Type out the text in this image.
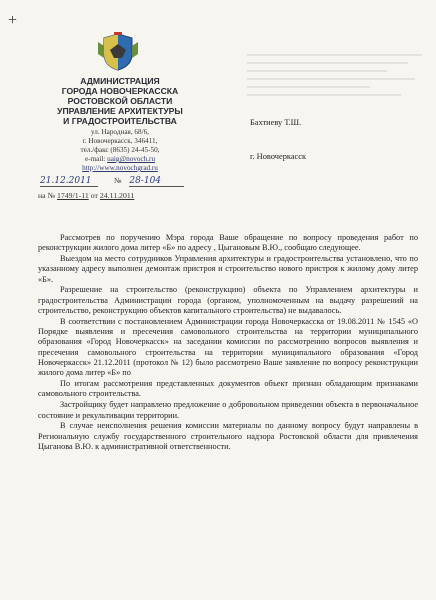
+
АДМИНИСТРАЦИЯ
ГОРОДА НОВОЧЕРКАССКА
РОСТОВСКОЙ ОБЛАСТИ
УПРАВЛЕНИЕ АРХИТЕКТУРЫ
И ГРАДОСТРОИТЕЛЬСТВА
ул. Народная, 68/6,
г. Новочеркасск, 346411,
тел./факс (8635) 24-45-50,
e-mail: uaig@novoch.ru
http://www.novochgrad.ru
21.12.2011	№ 28-104
на № 1749/1-11 от 24.11.2011
Бахтиеву Т.Ш.
г. Новочеркасск

Рассмотрев по поручению Мэра города Ваше обращение по вопросу проведения работ по реконструкции жилого дома литер «Б» по адресу , Цыгановым В.Ю., сообщаю следующее.

Выездом на место сотрудников Управления архитектуры и градостроительства установлено, что по указанному адресу выполнен демонтаж пристроя и строительство нового пристроя к жилому дому литер «Б».

Разрешение на строительство (реконструкцию) объекта по Управлением архитектуры и градостроительства Администрации города (органом, уполномоченным на выдачу разрешений на строительство, реконструкцию объектов капитального строительства) не выдавалось.

В соответствии с постановлением Администрации города Новочеркасска от 19.08.2011 № 1545 «О Порядке выявления и пресечения самовольного строительства на территории муниципального образования «Город Новочеркасск» на заседании комиссии по рассмотрению вопросов выявления и пресечения самовольного строительства на территории муниципального образования «Город Новочеркасск» 21.12.2011 (протокол № 12) было рассмотрено Ваше заявление по вопросу реконструкции жилого дома литер «Б» по

По итогам рассмотрения представленных документов объект признан обладающим признаками самовольного строительства.

Застройщику будет направлено предложение о добровольном приведении объекта в первоначальное состояние и рекультивации территории.

В случае неисполнения решения комиссии материалы по данному вопросу будут направлены в Региональную службу государственного строительного надзора Ростовской области для привлечения Цыганова В.Ю. к административной ответственности.
